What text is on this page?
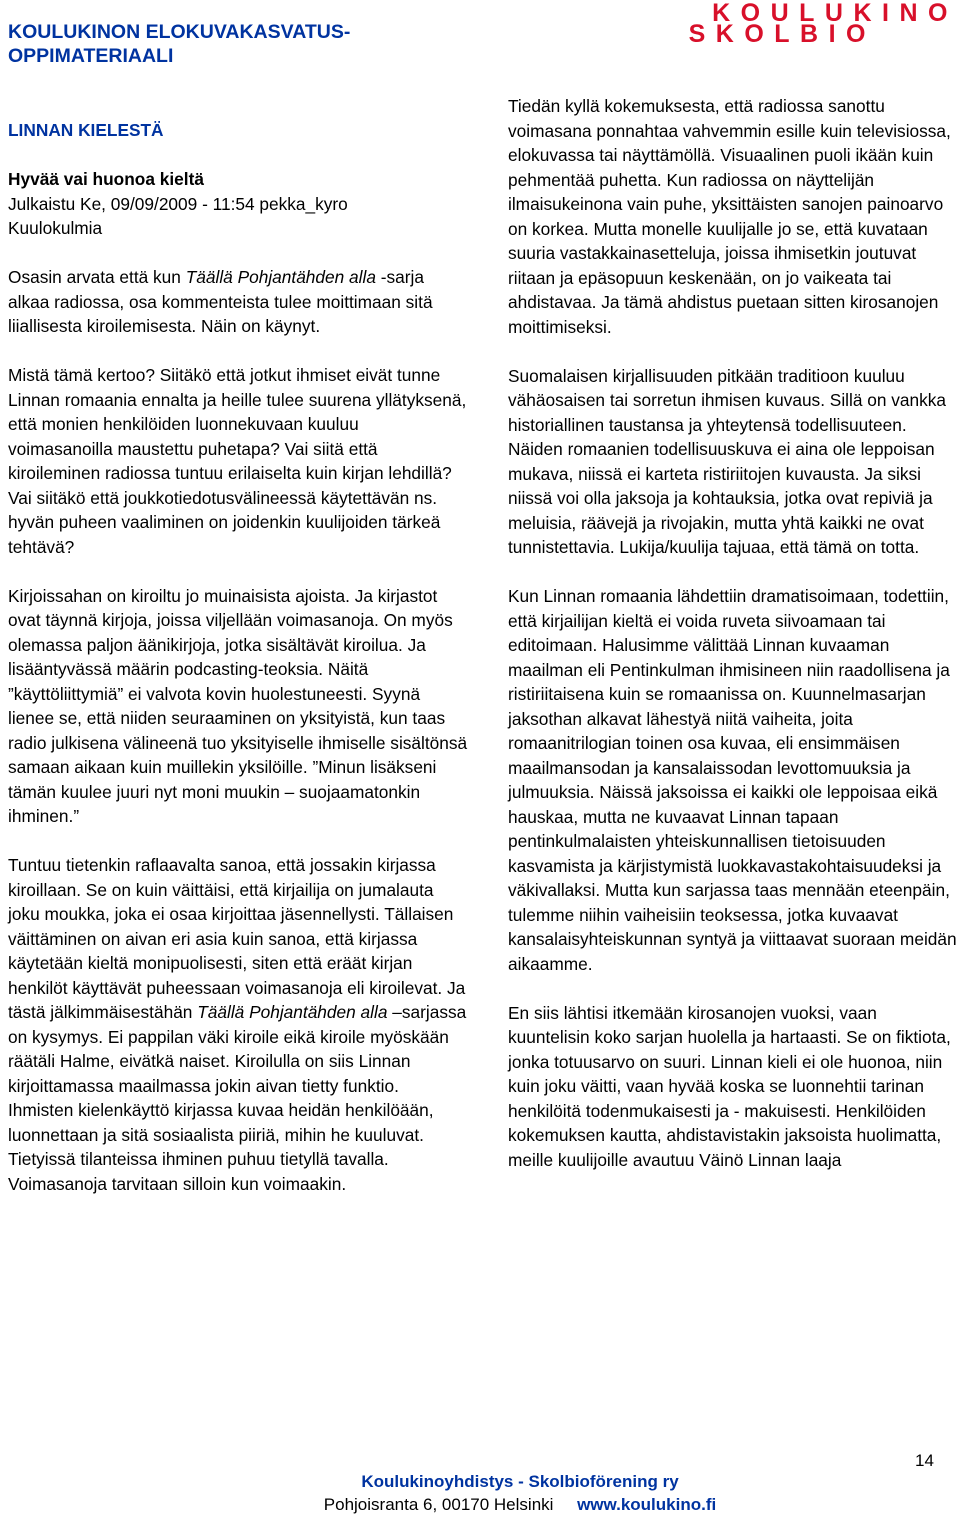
KOULUKINON ELOKUVAKASVATUS-
OPPIMATERIAALI
KOULUKINO
SKOLBIO

LINNAN KIELESTÄ

Hyvää vai huonoa kieltä

Julkaistu Ke, 09/09/2009 - 11:54 pekka_kyro

Kuulokulmia

Osasin arvata että kun Täällä Pohjantähden alla -sarja alkaa radiossa, osa kommenteista tulee moittimaan sitä liiallisesta kiroilemisesta. Näin on käynyt.

Mistä tämä kertoo? Siitäkö että jotkut ihmiset eivät tunne Linnan romaania ennalta ja heille tulee suurena yllätyksenä, että monien henkilöiden luonnekuvaan kuuluu voimasanoilla maustettu puhetapa? Vai siitä että kiroileminen radiossa tuntuu erilaiselta kuin kirjan lehdillä? Vai siitäkö että joukkotiedotusvälineessä käytettävän ns. hyvän puheen vaaliminen on joidenkin kuulijoiden tärkeä tehtävä?

Kirjoissahan on kiroiltu jo muinaisista ajoista. Ja kirjastot ovat täynnä kirjoja, joissa viljellään voimasanoja. On myös olemassa paljon äänikirjoja, jotka sisältävät kiroilua. Ja lisääntyvässä määrin podcasting-teoksia. Näitä ”käyttöliittymiä” ei valvota kovin huolestuneesti. Syynä lienee se, että niiden seuraaminen on yksityistä, kun taas radio julkisena välineenä tuo yksityiselle ihmiselle sisältönsä samaan aikaan kuin muillekin yksilöille. ”Minun lisäkseni tämän kuulee juuri nyt moni muukin – suojaamatonkin ihminen.”

Tuntuu tietenkin raflaavalta sanoa, että jossakin kirjassa kiroillaan. Se on kuin väittäisi, että kirjailija on jumalauta joku moukka, joka ei osaa kirjoittaa jäsennellysti. Tällaisen väittäminen on aivan eri asia kuin sanoa, että kirjassa käytetään kieltä monipuolisesti, siten että eräät kirjan henkilöt käyttävät puheessaan voimasanoja eli kiroilevat. Ja tästä jälkimmäisestähän Täällä Pohjantähden alla –sarjassa on kysymys. Ei pappilan väki kiroile eikä kiroile myöskään räätäli Halme, eivätkä naiset. Kiroilulla on siis Linnan kirjoittamassa maailmassa jokin aivan tietty funktio. Ihmisten kielenkäyttö kirjassa kuvaa heidän henkilöään, luonnettaan ja sitä sosiaalista piiriä, mihin he kuuluvat. Tietyissä tilanteissa ihminen puhuu tietyllä tavalla. Voimasanoja tarvitaan silloin kun voimaakin.

Tiedän kyllä kokemuksesta, että radiossa sanottu voimasana ponnahtaa vahvemmin esille kuin televisiossa, elokuvassa tai näyttämöllä. Visuaalinen puoli ikään kuin pehmentää puhetta. Kun radiossa on näyttelijän ilmaisukeinona vain puhe, yksittäisten sanojen painoarvo on korkea. Mutta monelle kuulijalle jo se, että kuvataan suuria vastakkainasetteluja, joissa ihmisetkin joutuvat riitaan ja epäsopuun keskenään, on jo vaikeata tai ahdistavaa. Ja tämä ahdistus puetaan sitten kirosanojen moittimiseksi.

Suomalaisen kirjallisuuden pitkään traditioon kuuluu vähäosaisen tai sorretun ihmisen kuvaus. Sillä on vankka historiallinen taustansa ja yhteytensä todellisuuteen. Näiden romaanien todellisuuskuva ei aina ole leppoisan mukava, niissä ei karteta ristiriitojen kuvausta. Ja siksi niissä voi olla jaksoja ja kohtauksia, jotka ovat repiviä ja meluisia, räävejä ja rivojakin, mutta yhtä kaikki ne ovat tunnistettavia. Lukija/kuulija tajuaa, että tämä on totta.

Kun Linnan romaania lähdettiin dramatisoimaan, todettiin, että kirjailijan kieltä ei voida ruveta siivoamaan tai editoimaan. Halusimme välittää Linnan kuvaaman maailman eli Pentinkulman ihmisineen niin raadollisena ja ristiriitaisena kuin se romaanissa on. Kuunnelmasarjan jaksothan alkavat lähestyä niitä vaiheita, joita romaanitrilogian toinen osa kuvaa, eli ensimmäisen maailmansodan ja kansalaissodan levottomuuksia ja julmuuksia. Näissä jaksoissa ei kaikki ole leppoisaa eikä hauskaa, mutta ne kuvaavat Linnan tapaan pentinkulmalaisten yhteiskunnallisen tietoisuuden kasvamista ja kärjistymistä luokkavastakohtaisuudeksi ja väkivallaksi. Mutta kun sarjassa taas mennään eteenpäin, tulemme niihin vaiheisiin teoksessa, jotka kuvaavat kansalaisyhteiskunnan syntyä ja viittaavat suoraan meidän aikaamme.

En siis lähtisi itkemään kirosanojen vuoksi, vaan kuuntelisin koko sarjan huolella ja hartaasti. Se on fiktiota, jonka totuusarvo on suuri. Linnan kieli ei ole huonoa, niin kuin joku väitti, vaan hyvää koska se luonnehtii tarinan henkilöitä todenmukaisesti ja - makuisesti. Henkilöiden kokemuksen kautta, ahdistavistakin jaksoista huolimatta, meille kuulijoille avautuu Väinö Linnan laaja

14
Koulukinoyhdistys - Skolbioförening ry
Pohjoisranta 6, 00170 Helsinki www.koulukino.fi
